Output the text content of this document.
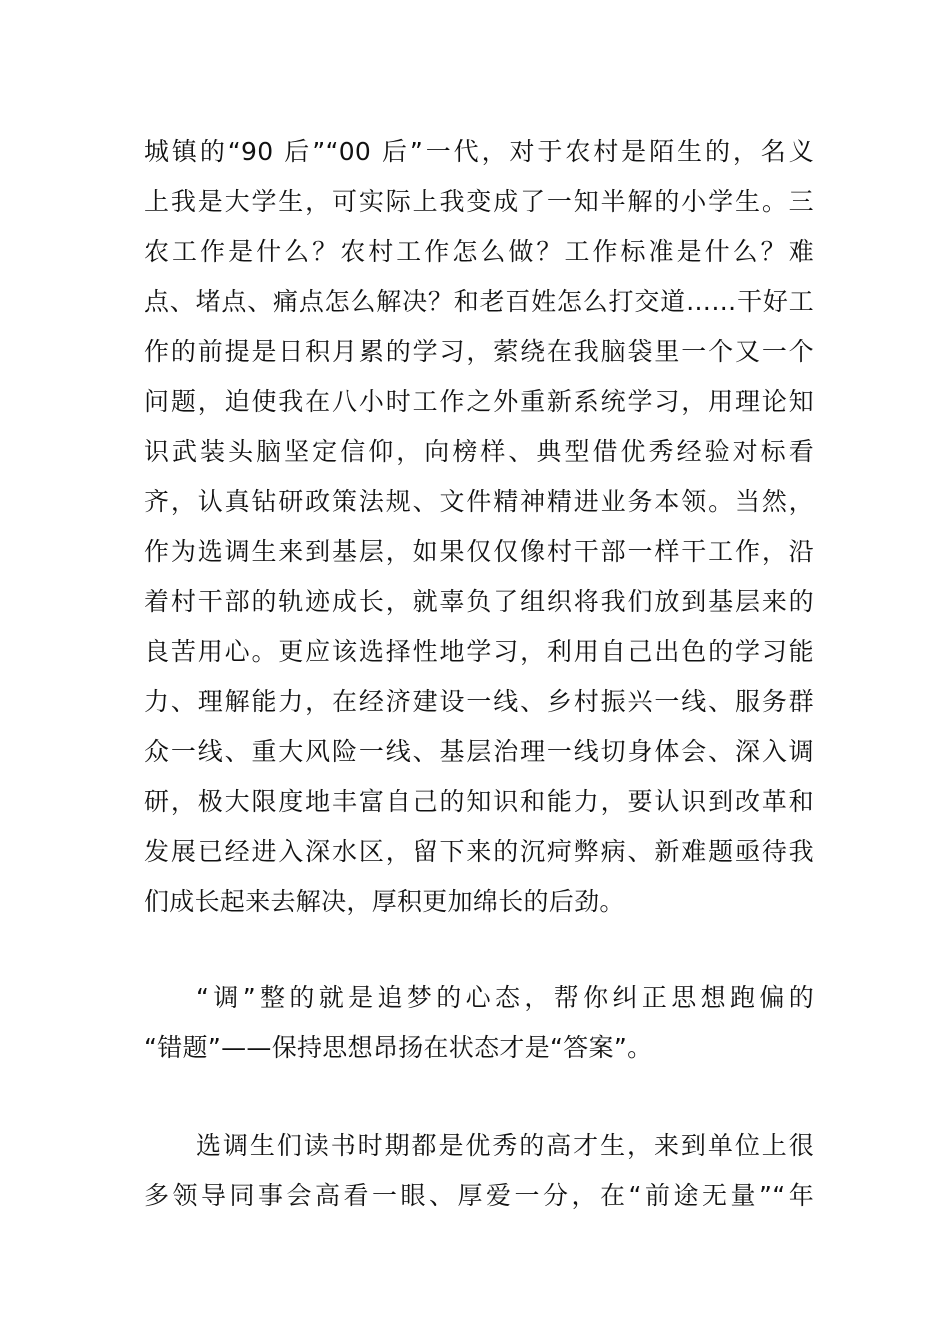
城镇的“90 后”“00 后”一代，对于农村是陌生的，名义
上我是大学生，可实际上我变成了一知半解的小学生。三
农工作是什么？农村工作怎么做？工作标准是什么？难
点、堵点、痛点怎么解决？和老百姓怎么打交道……干好工
作的前提是日积月累的学习，萦绕在我脑袋里一个又一个
问题，迫使我在八小时工作之外重新系统学习，用理论知
识武装头脑坚定信仰，向榜样、典型借优秀经验对标看
齐，认真钻研政策法规、文件精神精进业务本领。当然，
作为选调生来到基层，如果仅仅像村干部一样干工作，沿
着村干部的轨迹成长，就辜负了组织将我们放到基层来的
良苦用心。更应该选择性地学习，利用自己出色的学习能
力、理解能力，在经济建设一线、乡村振兴一线、服务群
众一线、重大风险一线、基层治理一线切身体会、深入调
研，极大限度地丰富自己的知识和能力，要认识到改革和
发展已经进入深水区，留下来的沉疴弊病、新难题亟待我
们成长起来去解决，厚积更加绵长的后劲。
“调”整的就是追梦的心态，帮你纠正思想跑偏的
“错题”——保持思想昂扬在状态才是“答案”。
选调生们读书时期都是优秀的高才生，来到单位上很
多领导同事会高看一眼、厚爱一分，在“前途无量”“年
